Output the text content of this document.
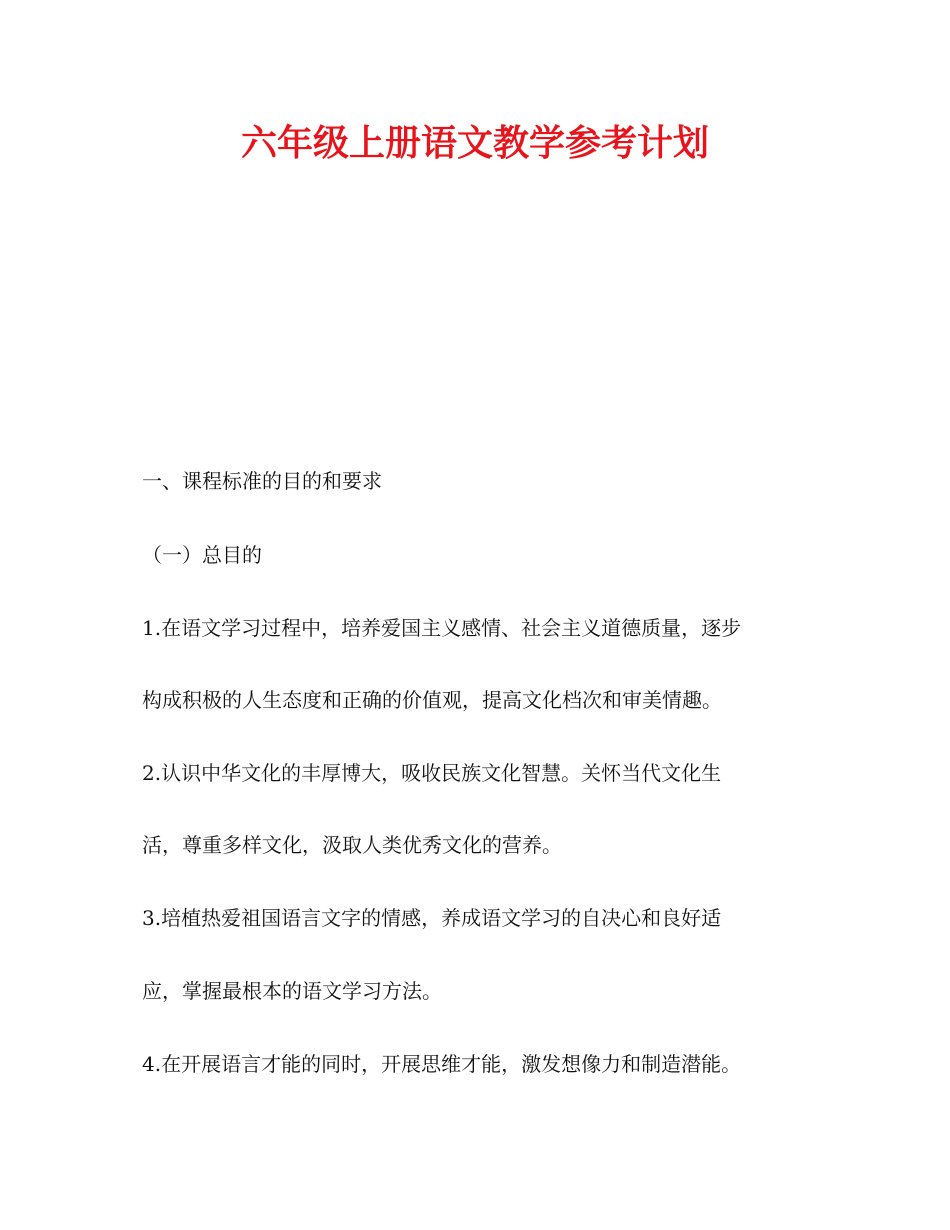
六年级上册语文教学参考计划
一、课程标准的目的和要求
（一）总目的
1.在语文学习过程中，培养爱国主义感情、社会主义道德质量，逐步
构成积极的人生态度和正确的价值观，提高文化档次和审美情趣。
2.认识中华文化的丰厚博大，吸收民族文化智慧。关怀当代文化生
活，尊重多样文化，汲取人类优秀文化的营养。
3.培植热爱祖国语言文字的情感，养成语文学习的自决心和良好适
应，掌握最根本的语文学习方法。
4.在开展语言才能的同时，开展思维才能，激发想像力和制造潜能。
